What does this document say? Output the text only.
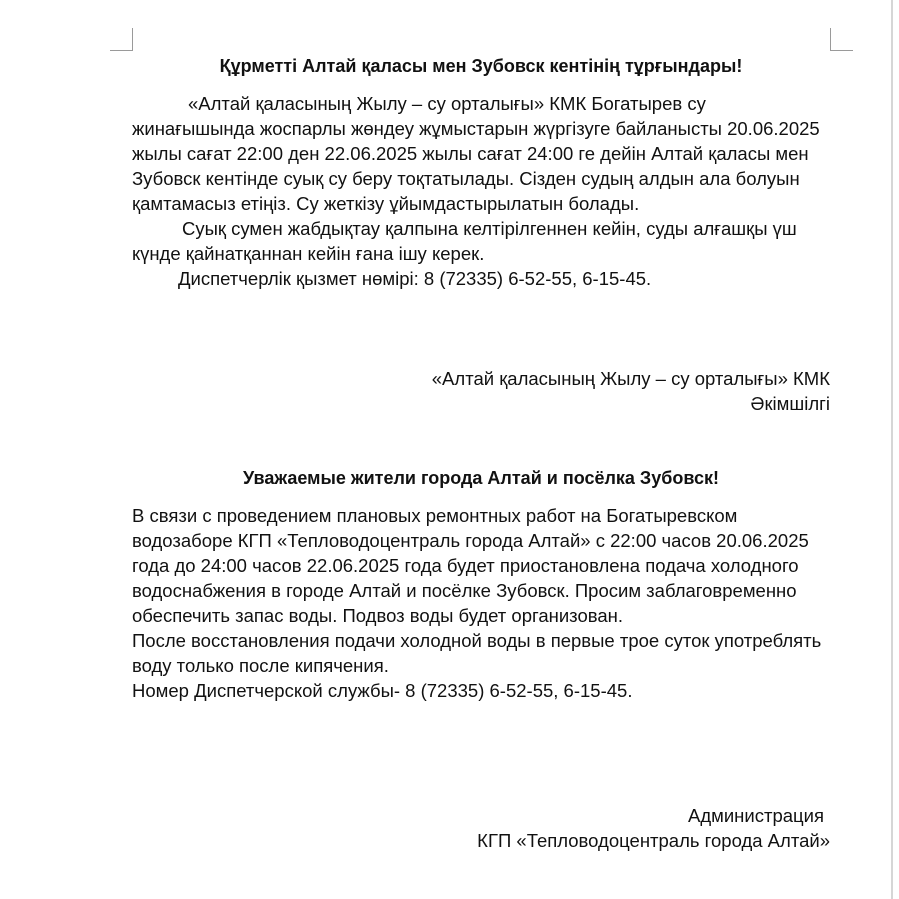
Құрметті Алтай қаласы мен Зубовск кентінің тұрғындары!

«Алтай қаласының Жылу – су орталығы» КМК Богатырев су жинағышында жоспарлы жөндеу жұмыстарын жүргізуге байланысты 20.06.2025 жылы сағат 22:00 ден 22.06.2025 жылы сағат 24:00 ге дейін Алтай қаласы мен Зубовск кентінде суық су беру тоқтатылады. Сізден судың алдын ала болуын қамтамасыз етіңіз. Су жеткізу ұйымдастырылатын болады.

Суық сумен жабдықтау қалпына келтірілгеннен кейін, суды алғашқы үш күнде қайнатқаннан кейін ғана ішу керек.

Диспетчерлік қызмет нөмірі: 8 (72335) 6-52-55, 6-15-45.

«Алтай қаласының Жылу – су орталығы» КМК
Әкімшілгі
Уважаемые жители города Алтай и посёлка Зубовск!

В связи с проведением плановых ремонтных работ на Богатыревском водозаборе КГП «Тепловодоцентраль города Алтай» с 22:00 часов 20.06.2025 года до 24:00 часов 22.06.2025 года будет приостановлена подача холодного водоснабжения в городе Алтай и посёлке Зубовск. Просим заблаговременно обеспечить запас воды. Подвоз воды будет организован.

После восстановления подачи холодной воды в первые трое суток употреблять воду только после кипячения.

Номер Диспетчерской службы- 8 (72335) 6-52-55, 6-15-45.

Администрация
КГП «Тепловодоцентраль города Алтай»
